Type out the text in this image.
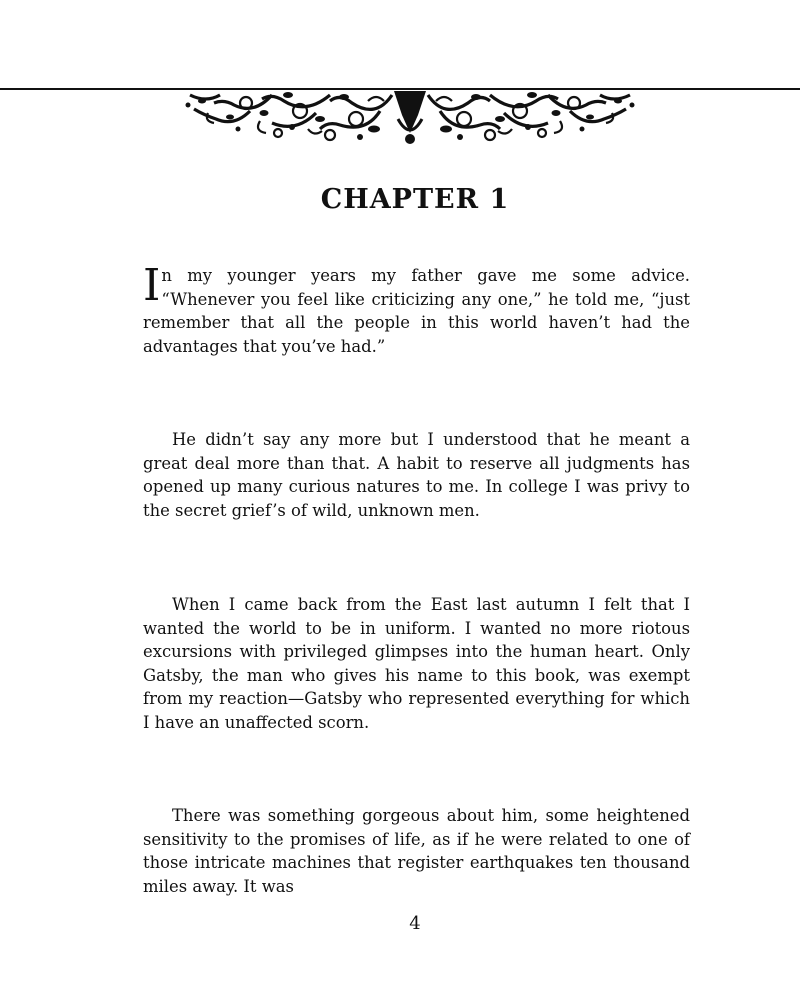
CHAPTER 1

In my younger years my father gave me some advice. “Whenever you feel like criticizing any one,” he told me, “just remember that all the people in this world haven’t had the advantages that you’ve had.”

He didn’t say any more but I understood that he meant a great deal more than that. A habit to reserve all judgments has opened up many curious natures to me. In college I was privy to the secret grief’s of wild, unknown men.

When I came back from the East last autumn I felt that I wanted the world to be in uniform. I wanted no more riotous excursions with privileged glimpses into the human heart. Only Gatsby, the man who gives his name to this book, was exempt from my reaction—Gatsby who represented everything for which I have an unaffected scorn.

There was something gorgeous about him, some heightened sensitivity to the promises of life, as if he were related to one of those intricate machines that register earthquakes ten thousand miles away. It was

4
